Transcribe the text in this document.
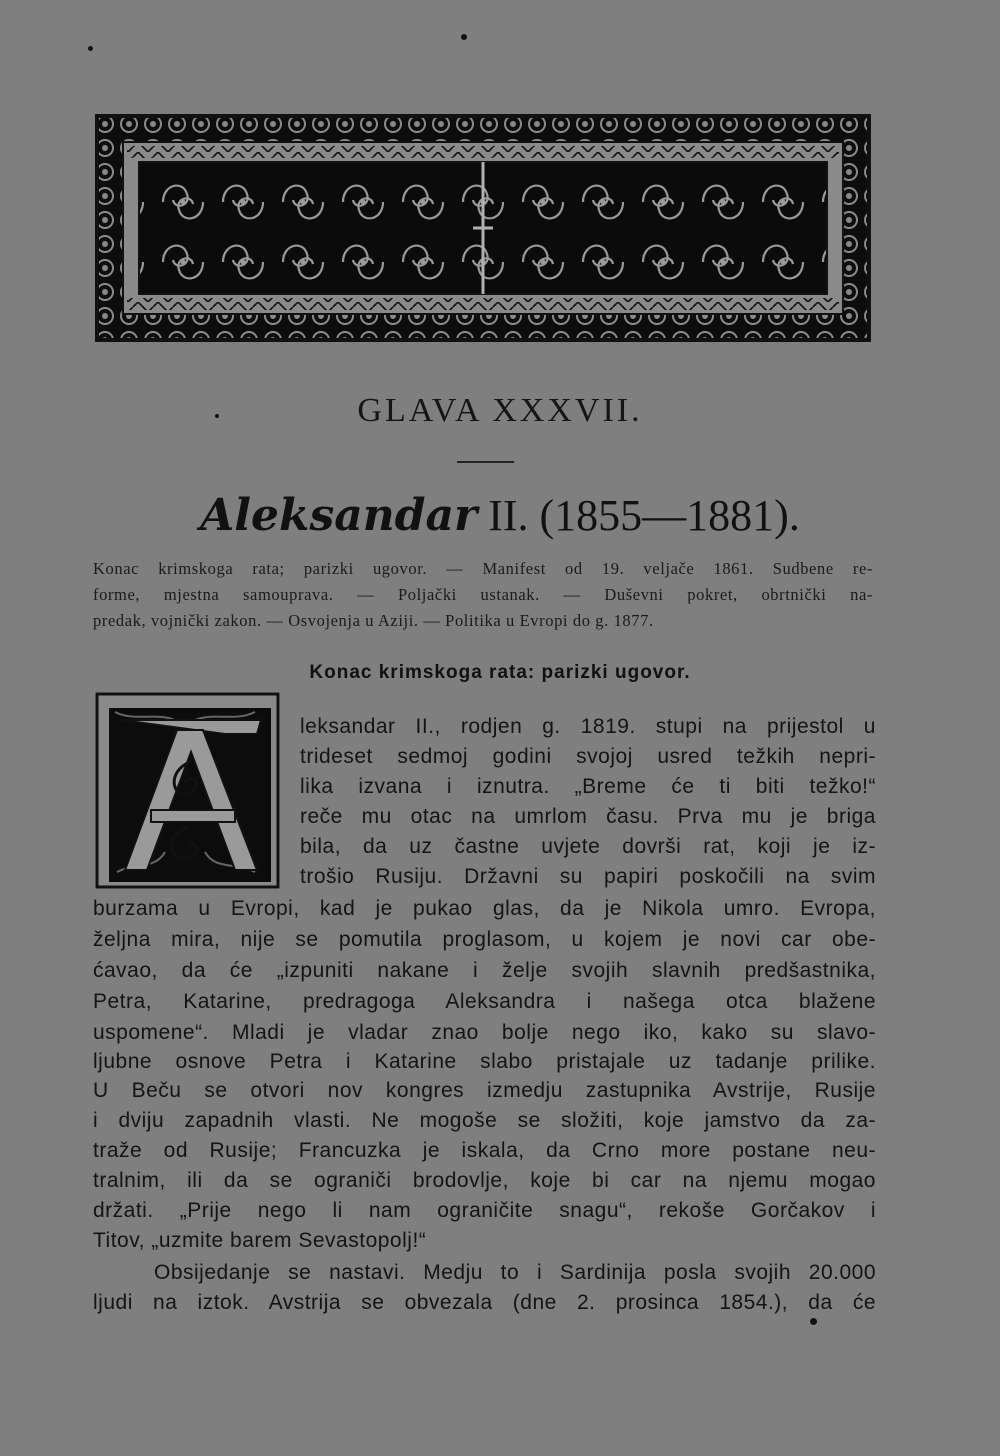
GLAVA XXXVII.
Aleksandar II. (1855—1881).
Konac krimskoga rata; parizki ugovor. — Manifest od 19. veljače 1861. Sudbene re-
forme, mjestna samouprava. — Poljački ustanak. — Duševni pokret, obrtnički na-
predak, vojnički zakon. — Osvojenja u Aziji. — Politika u Evropi do g. 1877.
Konac krimskoga rata: parizki ugovor.
A
leksandar II., rodjen g. 1819. stupi na prijestol u
trideset sedmoj godini svojoj usred težkih nepri-
lika izvana i iznutra. „Breme će ti biti težko!“
reče mu otac na umrlom času. Prva mu je briga
bila, da uz častne uvjete dovrši rat, koji je iz-
trošio Rusiju. Državni su papiri poskočili na svim
burzama u Evropi, kad je pukao glas, da je Nikola umro. Evropa,
željna mira, nije se pomutila proglasom, u kojem je novi car obe-
ćavao, da će „izpuniti nakane i želje svojih slavnih predšastnika,
Petra, Katarine, predragoga Aleksandra i našega otca blažene
uspomene“. Mladi je vladar znao bolje nego iko, kako su slavo-
ljubne osnove Petra i Katarine slabo pristajale uz tadanje prilike.
U Beču se otvori nov kongres izmedju zastupnika Avstrije, Rusije
i dviju zapadnih vlasti. Ne mogoše se složiti, koje jamstvo da za-
traže od Rusije; Francuzka je iskala, da Crno more postane neu-
tralnim, ili da se ograniči brodovlje, koje bi car na njemu mogao
držati. „Prije nego li nam ograničite snagu“, rekoše Gorčakov i
Titov, „uzmite barem Sevastopolj!“
Obsijedanje se nastavi. Medju to i Sardinija posla svojih 20.000
ljudi na iztok. Avstrija se obvezala (dne 2. prosinca 1854.), da će
